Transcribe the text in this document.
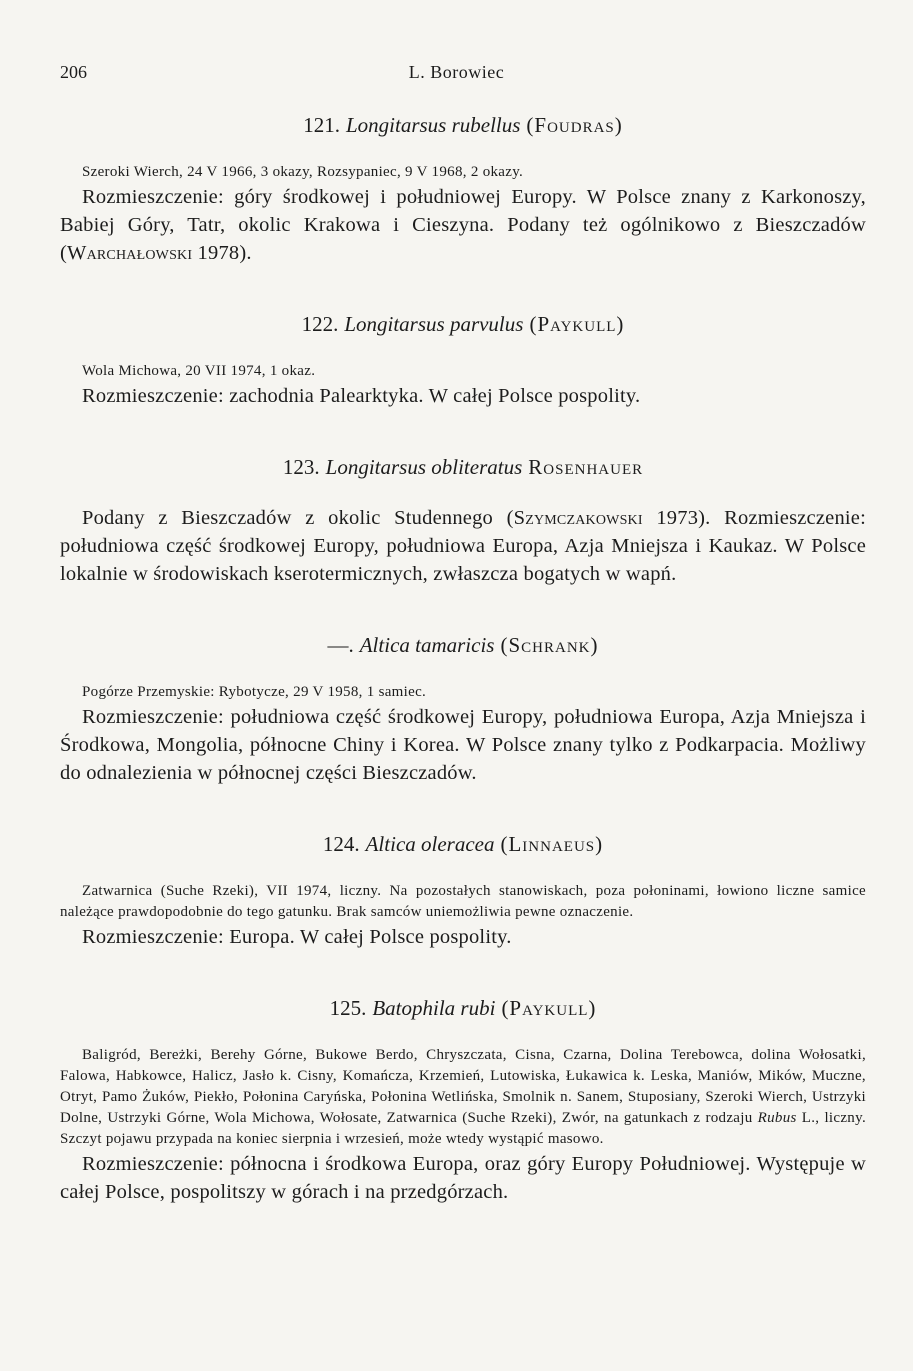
206	L. Borowiec
121. Longitarsus rubellus (Foudras)

Szeroki Wierch, 24 V 1966, 3 okazy, Rozsypaniec, 9 V 1968, 2 okazy.

Rozmieszczenie: góry środkowej i południowej Europy. W Polsce znany z Karkonoszy, Babiej Góry, Tatr, okolic Krakowa i Cieszyna. Podany też ogólnikowo z Bieszczadów (Warchałowski 1978).

122. Longitarsus parvulus (Paykull)

Wola Michowa, 20 VII 1974, 1 okaz.

Rozmieszczenie: zachodnia Palearktyka. W całej Polsce pospolity.

123. Longitarsus obliteratus Rosenhauer

Podany z Bieszczadów z okolic Studennego (Szymczakowski 1973). Rozmieszczenie: południowa część środkowej Europy, południowa Europa, Azja Mniejsza i Kaukaz. W Polsce lokalnie w środowiskach kserotermicznych, zwłaszcza bogatych w wapń.

—. Altica tamaricis (Schrank)

Pogórze Przemyskie: Rybotycze, 29 V 1958, 1 samiec.

Rozmieszczenie: południowa część środkowej Europy, południowa Europa, Azja Mniejsza i Środkowa, Mongolia, północne Chiny i Korea. W Polsce znany tylko z Podkarpacia. Możliwy do odnalezienia w północnej części Bieszczadów.

124. Altica oleracea (Linnaeus)

Zatwarnica (Suche Rzeki), VII 1974, liczny. Na pozostałych stanowiskach, poza połoninami, łowiono liczne samice należące prawdopodobnie do tego gatunku. Brak samców uniemożliwia pewne oznaczenie.

Rozmieszczenie: Europa. W całej Polsce pospolity.

125. Batophila rubi (Paykull)

Baligród, Bereżki, Berehy Górne, Bukowe Berdo, Chryszczata, Cisna, Czarna, Dolina Terebowca, dolina Wołosatki, Falowa, Habkowce, Halicz, Jasło k. Cisny, Komańcza, Krzemień, Lutowiska, Łukawica k. Leska, Maniów, Mików, Muczne, Otryt, Pamo Żuków, Piekło, Połonina Caryńska, Połonina Wetlińska, Smolnik n. Sanem, Stuposiany, Szeroki Wierch, Ustrzyki Dolne, Ustrzyki Górne, Wola Michowa, Wołosate, Zatwarnica (Suche Rzeki), Zwór, na gatunkach z rodzaju Rubus L., liczny. Szczyt pojawu przypada na koniec sierpnia i wrzesień, może wtedy wystąpić masowo.

Rozmieszczenie: północna i środkowa Europa, oraz góry Europy Południowej. Występuje w całej Polsce, pospolitszy w górach i na przedgórzach.
